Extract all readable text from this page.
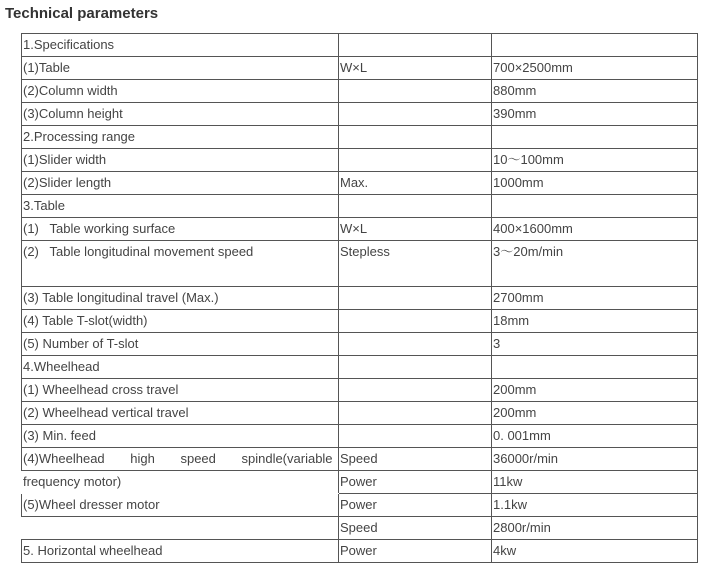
Technical parameters
1.Specifications		
(1)Table	W×L	700×2500mm
(2)Column width		880mm
(3)Column height		390mm
2.Processing range		
(1)Slider width		10～100mm
(2)Slider length	Max.	1000mm
3.Table		
(1)   Table working surface	W×L	400×1600mm
(2)   Table longitudinal movement speed	Stepless	3～20m/min
(3) Table longitudinal travel (Max.)		2700mm
(4) Table T-slot(width)		18mm
(5) Number of T-slot		3
4.Wheelhead		
(1) Wheelhead cross travel		200mm
(2) Wheelhead vertical travel		200mm
(3) Min. feed		0. 001mm
(4)Wheelhead high speed spindle(variable	Speed	36000r/min
frequency motor)	Power	11kw
(5)Wheel dresser motor	Power	1.1kw
	Speed	2800r/min
5. Horizontal wheelhead	Power	4kw
